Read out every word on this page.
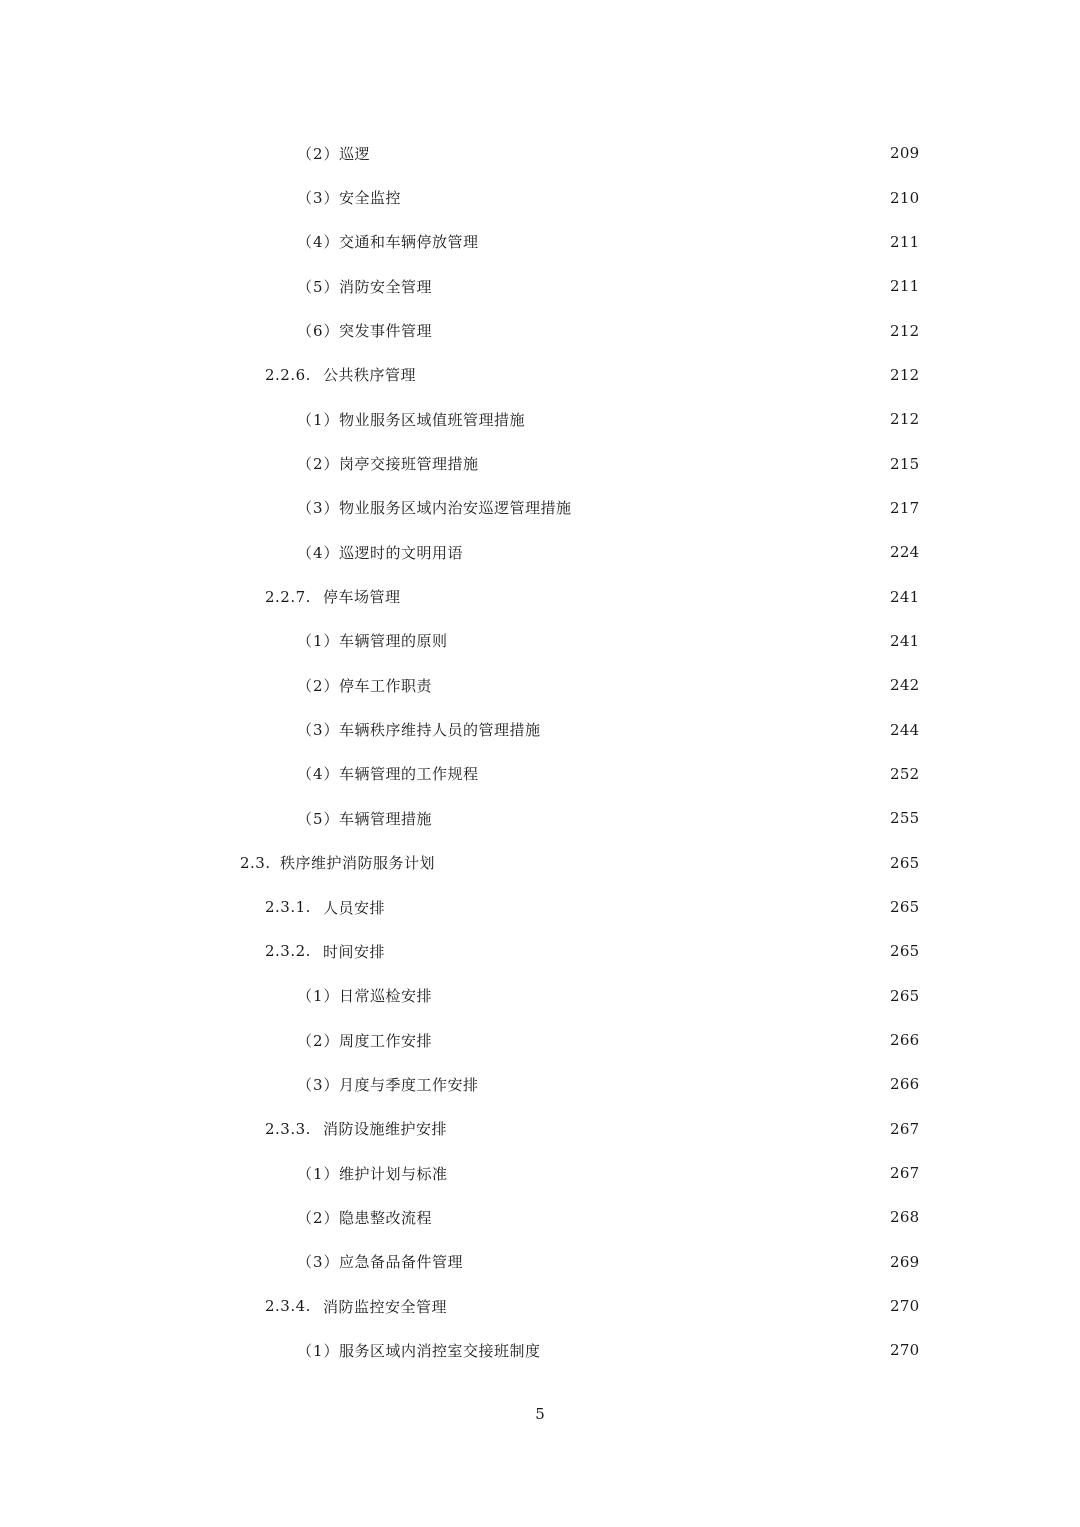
（2） 巡逻	209
（3） 安全监控	210
（4） 交通和车辆停放管理	211
（5） 消防安全管理	211
（6） 突发事件管理	212
2.2.6. 公共秩序管理	212
（1） 物业服务区域值班管理措施	212
（2） 岗亭交接班管理措施	215
（3） 物业服务区域内治安巡逻管理措施	217
（4） 巡逻时的文明用语	224
2.2.7. 停车场管理	241
（1） 车辆管理的原则	241
（2） 停车工作职责	242
（3） 车辆秩序维持人员的管理措施	244
（4） 车辆管理的工作规程	252
（5） 车辆管理措施	255
2.3. 秩序维护消防服务计划	265
2.3.1. 人员安排	265
2.3.2. 时间安排	265
（1） 日常巡检安排	265
（2） 周度工作安排	266
（3） 月度与季度工作安排	266
2.3.3. 消防设施维护安排	267
（1） 维护计划与标准	267
（2） 隐患整改流程	268
（3） 应急备品备件管理	269
2.3.4. 消防监控安全管理	270
（1） 服务区域内消控室交接班制度	270
5
